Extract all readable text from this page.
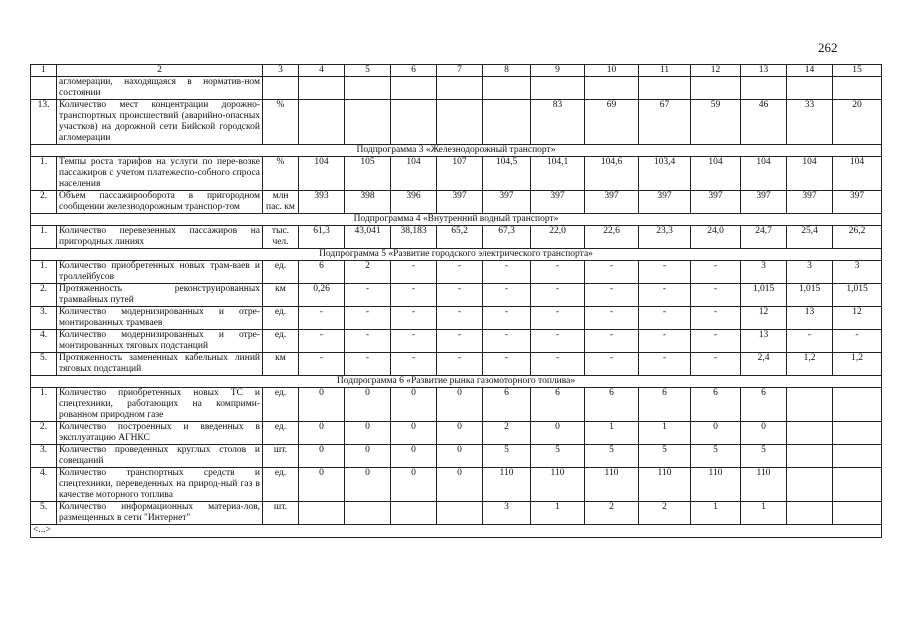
262
1	2	3	4	5	6	7	8	9	10	11	12	13	14	15
	агломерации, находящаяся в норматив-ном состоянии													
13.	Количество мест концентрации дорожно-транспортных происшествий (аварийно-опасных участков) на дорожной сети Бийской городской агломерации	%						83	69	67	59	46	33	20
Подпрограмма 3 «Железнодорожный транспорт»														
1.	Темпы роста тарифов на услуги по пере-возке пассажиров с учетом платежеспо-собного спроса населения	%	104	105	104	107	104,5	104,1	104,6	103,4	104	104	104	104
2.	Объем пассажирооборота в пригородном сообщении железнодорожным транспор-том	млн пас. км	393	398	396	397	397	397	397	397	397	397	397	397
Подпрограмма 4 «Внутренний водный транспорт»														
1.	Количество перевезенных пассажиров на пригородных линиях	тыс. чел.	61,3	43,041	38,183	65,2	67,3	22,0	22,6	23,3	24,0	24,7	25,4	26,2
Подпрограмма 5 «Развитие городского электрического транспорта»														
1.	Количество приобретенных новых трам-ваев и троллейбусов	ед.	6	2	-	-	-	-	-	-	-	3	3	3
2.	Протяженность реконструированных трамвайных путей	км	0,26	-	-	-	-	-	-	-	-	1,015	1,015	1,015
3.	Количество модернизированных и отре-монтированных трамваев	ед.	-	-	-	-	-	-	-	-	-	12	13	12
4.	Количество модернизированных и отре-монтированных тяговых подстанций	ед.	-	-	-	-	-	-	-	-	-	13	-	-
5.	Протяженность замененных кабельных линий тяговых подстанций	км	-	-	-	-	-	-	-	-	-	2,4	1,2	1,2
Подпрограмма 6 «Развитие рынка газомоторного топлива»														
1.	Количество приобретенных новых ТС и спецтехники, работающих на комприми-рованном природном газе	ед.	0	0	0	0	6	6	6	6	6	6		
2.	Количество построенных и введенных в эксплуатацию АГНКС	ед.	0	0	0	0	2	0	1	1	0	0		
3.	Количество проведенных круглых столов и совещаний	шт.	0	0	0	0	5	5	5	5	5	5		
4.	Количество транспортных средств и спецтехники, переведенных на природ-ный газ в качестве моторного топлива	ед.	0	0	0	0	110	110	110	110	110	110		
5.	Количество информационных материа-лов, размещенных в сети "Интернет"	шт.					3	1	2	2	1	1		
<...>														
